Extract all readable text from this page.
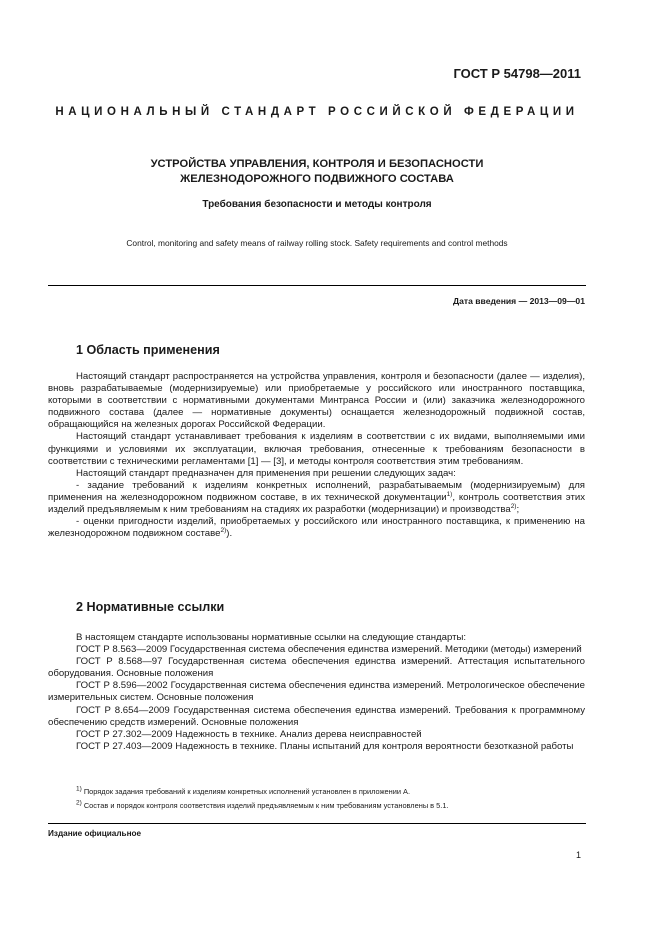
ГОСТ Р 54798—2011
НАЦИОНАЛЬНЫЙ СТАНДАРТ РОССИЙСКОЙ ФЕДЕРАЦИИ
УСТРОЙСТВА УПРАВЛЕНИЯ, КОНТРОЛЯ И БЕЗОПАСНОСТИ
ЖЕЛЕЗНОДОРОЖНОГО ПОДВИЖНОГО СОСТАВА
Требования безопасности и методы контроля
Control, monitoring and safety means of railway rolling stock. Safety requirements and control methods
Дата введения — 2013—09—01
1 Область применения

Настоящий стандарт распространяется на устройства управления, контроля и безопасности (далее — изделия), вновь разрабатываемые (модернизируемые) или приобретаемые у российского или иностранного поставщика, которыми в соответствии с нормативными документами Минтранса России и (или) заказчика железнодорожного подвижного состава (далее — нормативные документы) оснащается железнодорожный подвижной состав, обращающийся на железных дорогах Российской Федерации.

Настоящий стандарт устанавливает требования к изделиям в соответствии с их видами, выполняемыми ими функциями и условиями их эксплуатации, включая требования, отнесенные к требованиям безопасности в соответствии с техническими регламентами [1] — [3], и методы контроля соответствия этим требованиям.

Настоящий стандарт предназначен для применения при решении следующих задач:

- задание требований к изделиям конкретных исполнений, разрабатываемым (модернизируемым) для применения на железнодорожном подвижном составе, в их технической документации$^{1)}$, контроль соответствия этих изделий предъявляемым к ним требованиям на стадиях их разработки (модернизации) и производства$^{2)}$;

- оценки пригодности изделий, приобретаемых у российского или иностранного поставщика, к применению на железнодорожном подвижном составе$^{2)}$).

2 Нормативные ссылки

В настоящем стандарте использованы нормативные ссылки на следующие стандарты:

ГОСТ Р 8.563—2009 Государственная система обеспечения единства измерений. Методики (методы) измерений

ГОСТ Р 8.568—97 Государственная система обеспечения единства измерений. Аттестация испытательного оборудования. Основные положения

ГОСТ Р 8.596—2002 Государственная система обеспечения единства измерений. Метрологическое обеспечение измерительных систем. Основные положения

ГОСТ Р 8.654—2009 Государственная система обеспечения единства измерений. Требования к программному обеспечению средств измерений. Основные положения

ГОСТ Р 27.302—2009 Надежность в технике. Анализ дерева неисправностей

ГОСТ Р 27.403—2009 Надежность в технике. Планы испытаний для контроля вероятности безотказной работы

$^{1)}$ Порядок задания требований к изделиям конкретных исполнений установлен в приложении А.
$^{2)}$ Состав и порядок контроля соответствия изделий предъявляемым к ним требованиям установлены в 5.1.
Издание официальное
1
